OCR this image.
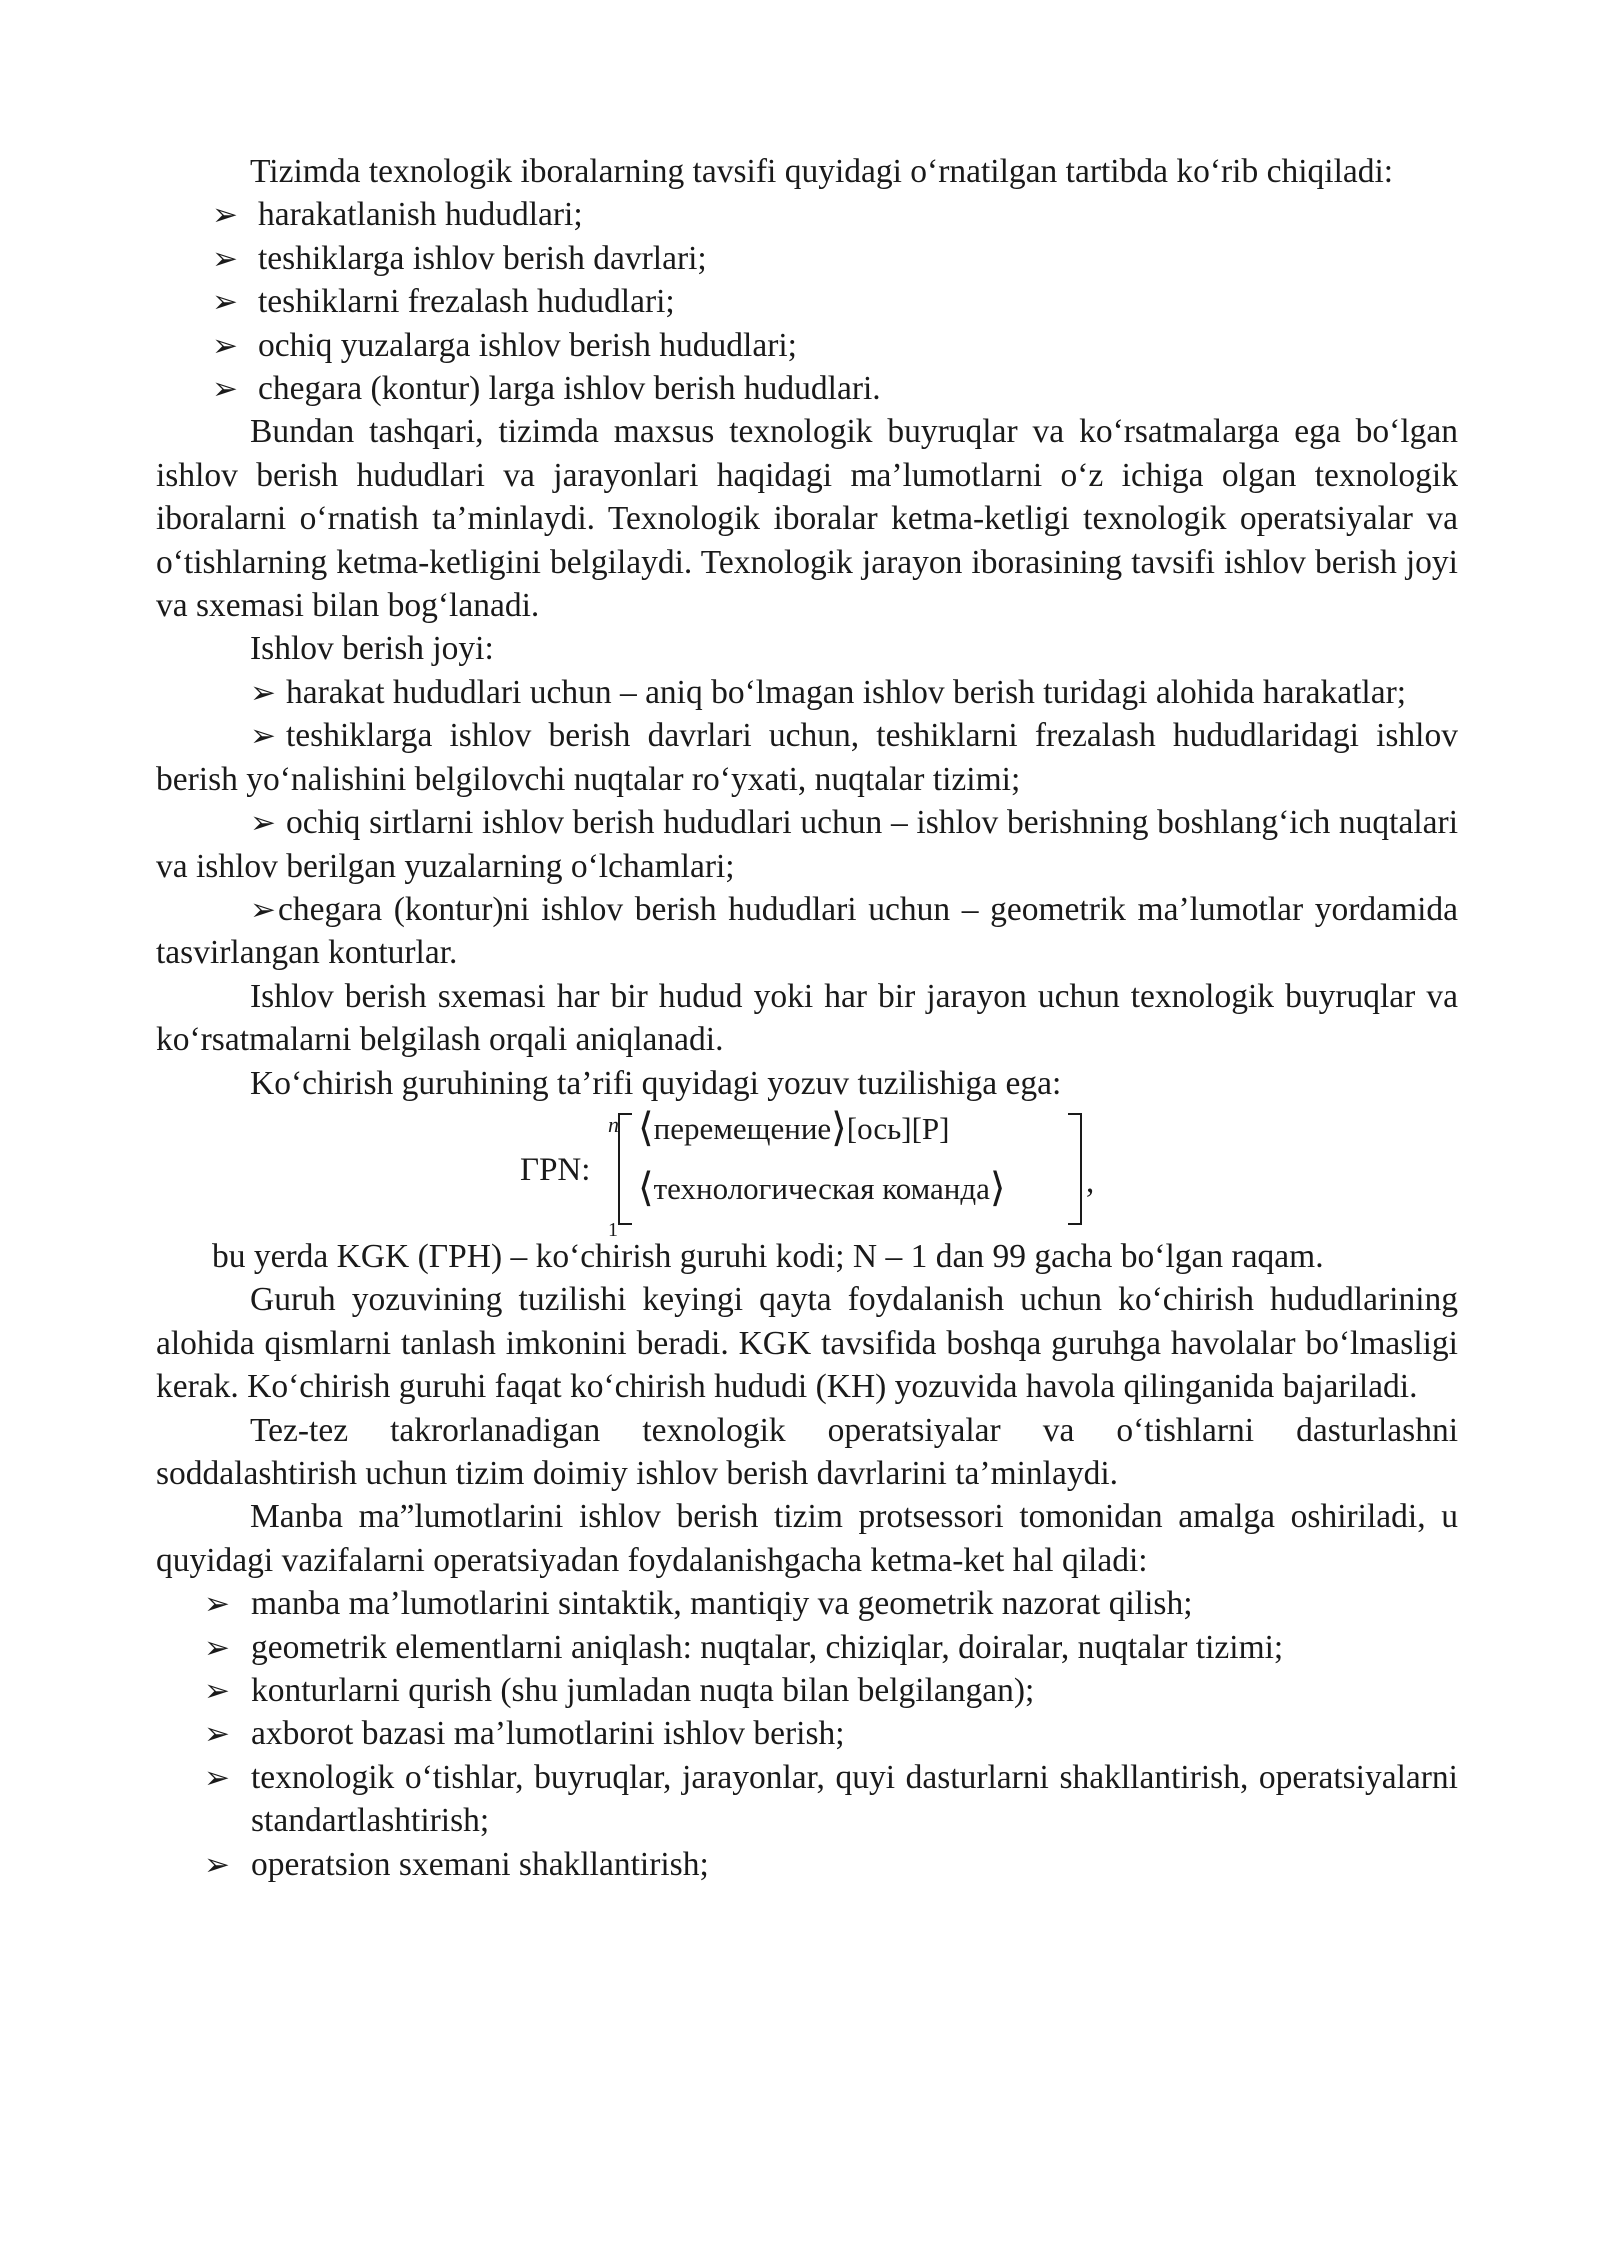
Tizimda texnologik iboralarning tavsifi quyidagi o‘rnatilgan tartibda ko‘rib chiqiladi:

➢ harakatlanish hududlari;

➢ teshiklarga ishlov berish davrlari;

➢ teshiklarni frezalash hududlari;

➢ ochiq yuzalarga ishlov berish hududlari;

➢ chegara (kontur) larga ishlov berish hududlari.

Bundan tashqari, tizimda maxsus texnologik buyruqlar va ko‘rsatmalarga ega bo‘lgan ishlov berish hududlari va jarayonlari haqidagi ma’lumotlarni o‘z ichiga olgan texnologik iboralarni o‘rnatish ta’minlaydi. Texnologik iboralar ketma-ketligi texnologik operatsiyalar va o‘tishlarning ketma-ketligini belgilaydi. Texnologik jarayon iborasining tavsifi ishlov berish joyi va sxemasi bilan bog‘lanadi.

Ishlov berish joyi:

➢ harakat hududlari uchun – aniq bo‘lmagan ishlov berish turidagi alohida harakatlar;

➢ teshiklarga ishlov berish davrlari uchun, teshiklarni frezalash hududlaridagi ishlov berish yo‘nalishini belgilovchi nuqtalar ro‘yxati, nuqtalar tizimi;

➢ ochiq sirtlarni ishlov berish hududlari uchun – ishlov berishning boshlang‘ich nuqtalari va ishlov berilgan yuzalarning o‘lchamlari;

➢chegara (kontur)ni ishlov berish hududlari uchun – geometrik ma’lumotlar yordamida tasvirlangan konturlar.

Ishlov berish sxemasi har bir hudud yoki har bir jarayon uchun texnologik buyruqlar va ko‘rsatmalarni belgilash orqali aniqlanadi.

Ko‘chirish guruhining ta’rifi quyidagi yozuv tuzilishiga ega:

ГРN:
n
1
⟨перемещение⟩[ось][P]
⟨технологическая команда⟩ ,

bu yerda KGK (ГРН) – ko‘chirish guruhi kodi; N – 1 dan 99 gacha bo‘lgan raqam.

Guruh yozuvining tuzilishi keyingi qayta foydalanish uchun ko‘chirish hududlarining alohida qismlarni tanlash imkonini beradi. KGK tavsifida boshqa guruhga havolalar bo‘lmasligi kerak. Ko‘chirish guruhi faqat ko‘chirish hududi (KH) yozuvida havola qilinganida bajariladi.

Tez-tez takrorlanadigan texnologik operatsiyalar va o‘tishlarni dasturlashni soddalashtirish uchun tizim doimiy ishlov berish davrlarini ta’minlaydi.

Manba ma”lumotlarini ishlov berish tizim protsessori tomonidan amalga oshiriladi, u quyidagi vazifalarni operatsiyadan foydalanishgacha ketma-ket hal qiladi:

➢ manba ma’lumotlarini sintaktik, mantiqiy va geometrik nazorat qilish;

➢ geometrik elementlarni aniqlash: nuqtalar, chiziqlar, doiralar, nuqtalar tizimi;

➢ konturlarni qurish (shu jumladan nuqta bilan belgilangan);

➢ axborot bazasi ma’lumotlarini ishlov berish;

➢ texnologik o‘tishlar, buyruqlar, jarayonlar, quyi dasturlarni shakllantirish, operatsiyalarni standartlashtirish;

➢ operatsion sxemani shakllantirish;
